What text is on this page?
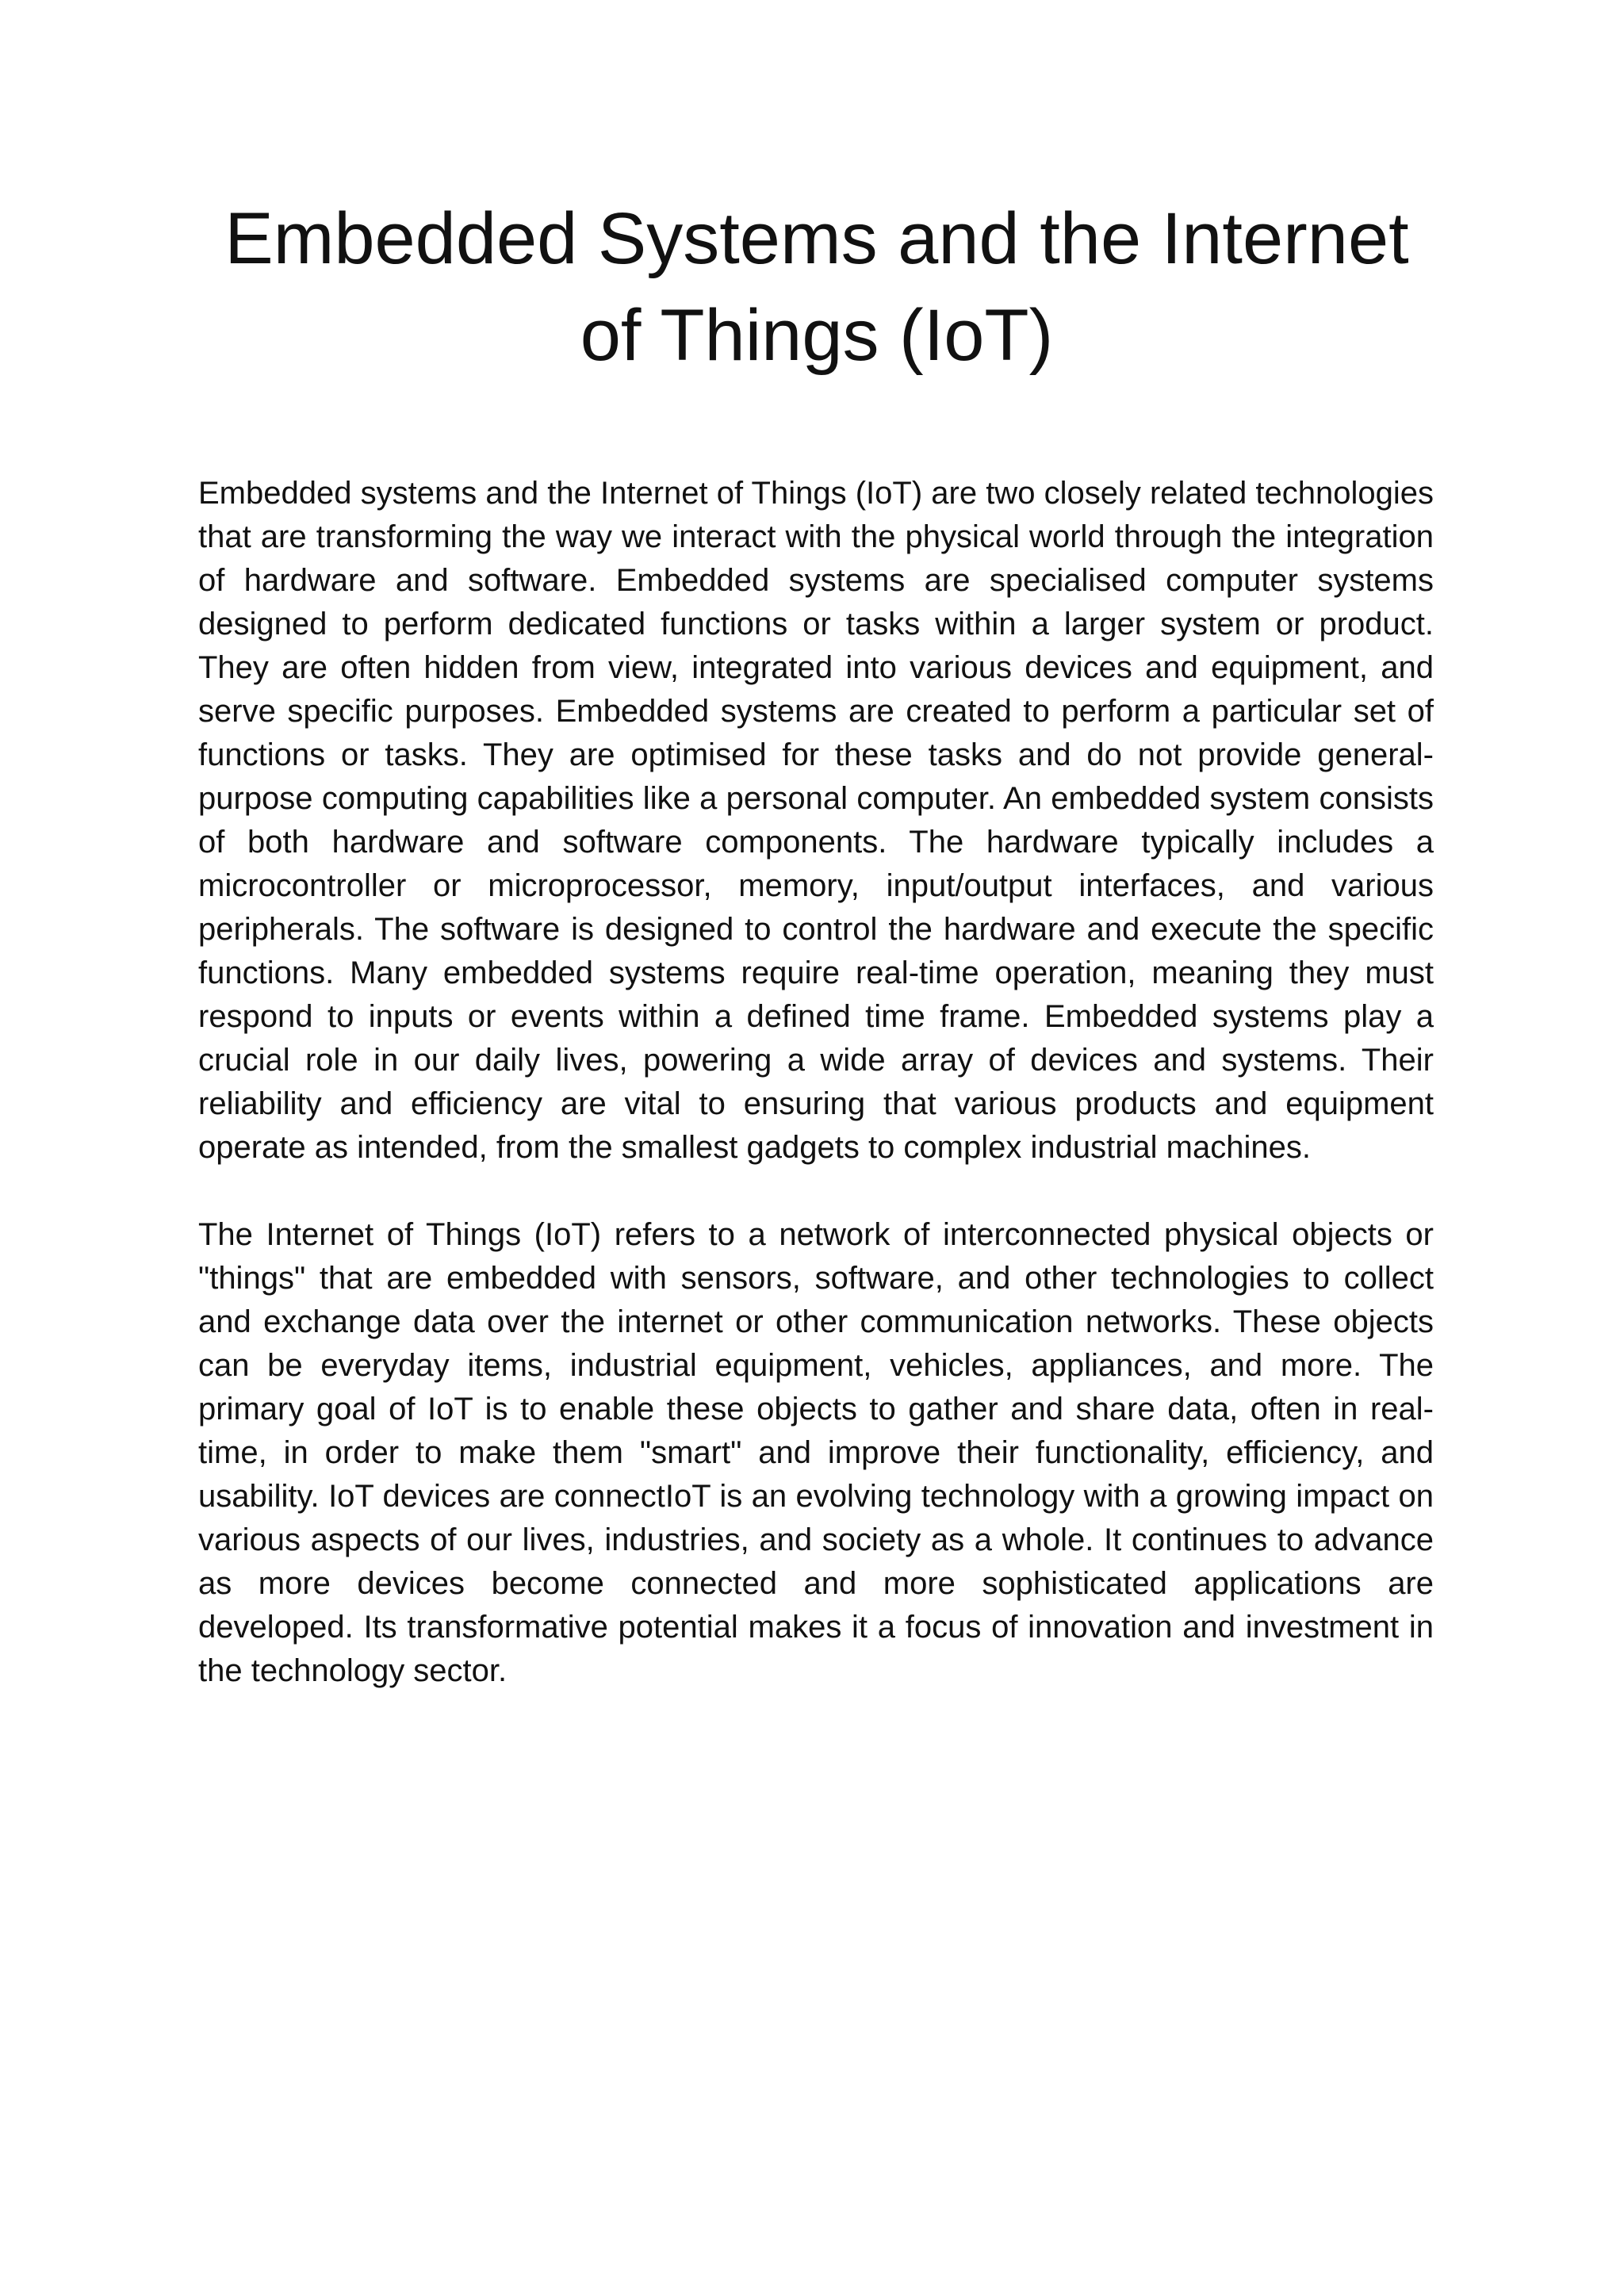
Embedded Systems and the Internet of Things (IoT)

Embedded systems and the Internet of Things (IoT) are two closely related technologies that are transforming the way we interact with the physical world through the integration of hardware and software. Embedded systems are specialised computer systems designed to perform dedicated functions or tasks within a larger system or product. They are often hidden from view, integrated into various devices and equipment, and serve specific purposes. Embedded systems are created to perform a particular set of functions or tasks. They are optimised for these tasks and do not provide general-purpose computing capabilities like a personal computer. An embedded system consists of both hardware and software components. The hardware typically includes a microcontroller or microprocessor, memory, input/output interfaces, and various peripherals. The software is designed to control the hardware and execute the specific functions. Many embedded systems require real-time operation, meaning they must respond to inputs or events within a defined time frame. Embedded systems play a crucial role in our daily lives, powering a wide array of devices and systems. Their reliability and efficiency are vital to ensuring that various products and equipment operate as intended, from the smallest gadgets to complex industrial machines.

The Internet of Things (IoT) refers to a network of interconnected physical objects or "things" that are embedded with sensors, software, and other technologies to collect and exchange data over the internet or other communication networks. These objects can be everyday items, industrial equipment, vehicles, appliances, and more. The primary goal of IoT is to enable these objects to gather and share data, often in real-time, in order to make them "smart" and improve their functionality, efficiency, and usability. IoT devices are connectIoT is an evolving technology with a growing impact on various aspects of our lives, industries, and society as a whole. It continues to advance as more devices become connected and more sophisticated applications are developed. Its transformative potential makes it a focus of innovation and investment in the technology sector.
